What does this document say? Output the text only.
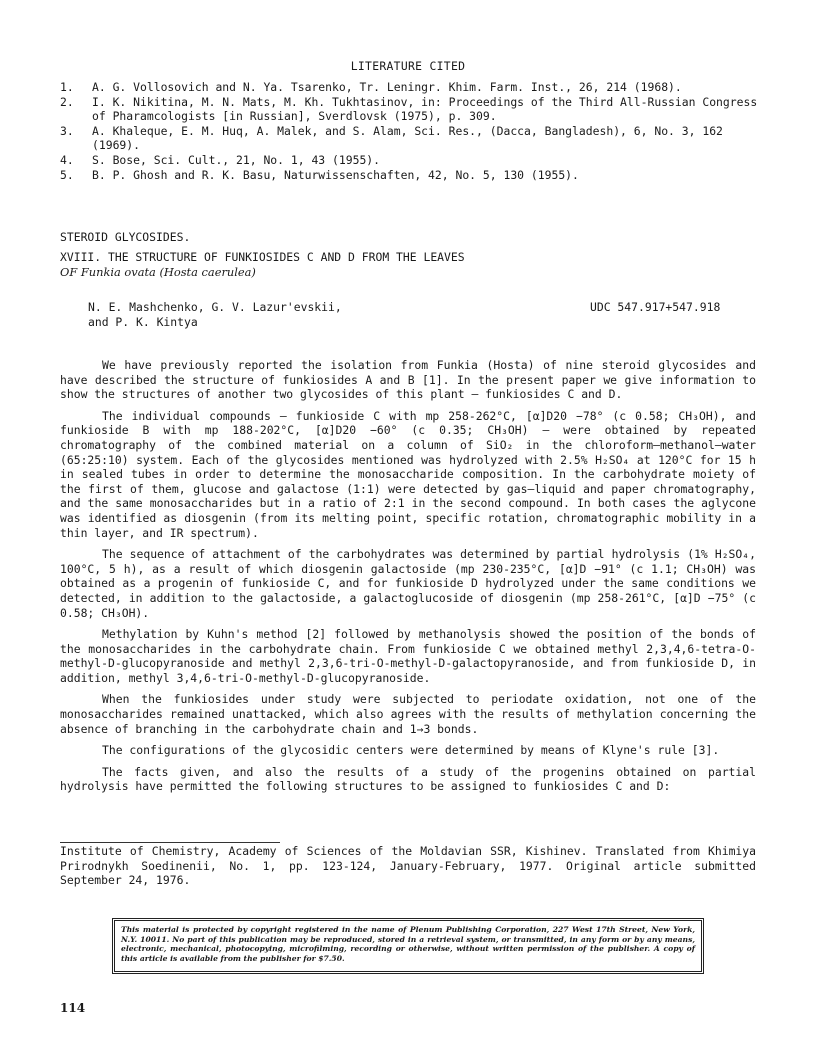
LITERATURE CITED
1.	A. G. Vollosovich and N. Ya. Tsarenko, Tr. Leningr. Khim. Farm. Inst., 26, 214 (1968).
2.	I. K. Nikitina, M. N. Mats, M. Kh. Tukhtasinov, in: Proceedings of the Third All-Russian Congress of Pharamcologists [in Russian], Sverdlovsk (1975), p. 309.
3.	A. Khaleque, E. M. Huq, A. Malek, and S. Alam, Sci. Res., (Dacca, Bangladesh), 6, No. 3, 162 (1969).
4.	S. Bose, Sci. Cult., 21, No. 1, 43 (1955).
5.	B. P. Ghosh and R. K. Basu, Naturwissenschaften, 42, No. 5, 130 (1955).
STEROID GLYCOSIDES.
XVIII. THE STRUCTURE OF FUNKIOSIDES C AND D FROM THE LEAVES
OF Funkia ovata (Hosta caerulea)
N. E. Mashchenko, G. V. Lazur'evskii,
and P. K. Kintya
UDC 547.917+547.918

We have previously reported the isolation from Funkia (Hosta) of nine steroid glycosides and have described the structure of funkiosides A and B [1]. In the present paper we give information to show the structures of another two glycosides of this plant — funkiosides C and D.

The individual compounds — funkioside C with mp 258-262°C, [α]D20 −78° (c 0.58; CH₃OH), and funkioside B with mp 188-202°C, [α]D20 −60° (c 0.35; CH₃OH) — were obtained by repeated chromatography of the combined material on a column of SiO₂ in the chloroform—methanol—water (65:25:10) system. Each of the glycosides mentioned was hydrolyzed with 2.5% H₂SO₄ at 120°C for 15 h in sealed tubes in order to determine the monosaccharide composition. In the carbohydrate moiety of the first of them, glucose and galactose (1:1) were detected by gas—liquid and paper chromatography, and the same monosaccharides but in a ratio of 2:1 in the second compound. In both cases the aglycone was identified as diosgenin (from its melting point, specific rotation, chromatographic mobility in a thin layer, and IR spectrum).

The sequence of attachment of the carbohydrates was determined by partial hydrolysis (1% H₂SO₄, 100°C, 5 h), as a result of which diosgenin galactoside (mp 230-235°C, [α]D −91° (c 1.1; CH₃OH) was obtained as a progenin of funkioside C, and for funkioside D hydrolyzed under the same conditions we detected, in addition to the galactoside, a galactoglucoside of diosgenin (mp 258-261°C, [α]D −75° (c 0.58; CH₃OH).

Methylation by Kuhn's method [2] followed by methanolysis showed the position of the bonds of the monosaccharides in the carbohydrate chain. From funkioside C we obtained methyl 2,3,4,6-tetra-O-methyl-D-glucopyranoside and methyl 2,3,6-tri-O-methyl-D-galactopyranoside, and from funkioside D, in addition, methyl 3,4,6-tri-O-methyl-D-glucopyranoside.

When the funkiosides under study were subjected to periodate oxidation, not one of the monosaccharides remained unattacked, which also agrees with the results of methylation concerning the absence of branching in the carbohydrate chain and 1→3 bonds.

The configurations of the glycosidic centers were determined by means of Klyne's rule [3].

The facts given, and also the results of a study of the progenins obtained on partial hydrolysis have permitted the following structures to be assigned to funkiosides C and D:

Institute of Chemistry, Academy of Sciences of the Moldavian SSR, Kishinev. Translated from Khimiya Prirodnykh Soedinenii, No. 1, pp. 123-124, January-February, 1977. Original article submitted September 24, 1976.
This material is protected by copyright registered in the name of Plenum Publishing Corporation, 227 West 17th Street, New York, N.Y. 10011. No part of this publication may be reproduced, stored in a retrieval system, or transmitted, in any form or by any means, electronic, mechanical, photocopying, microfilming, recording or otherwise, without written permission of the publisher. A copy of this article is available from the publisher for $7.50.
114
